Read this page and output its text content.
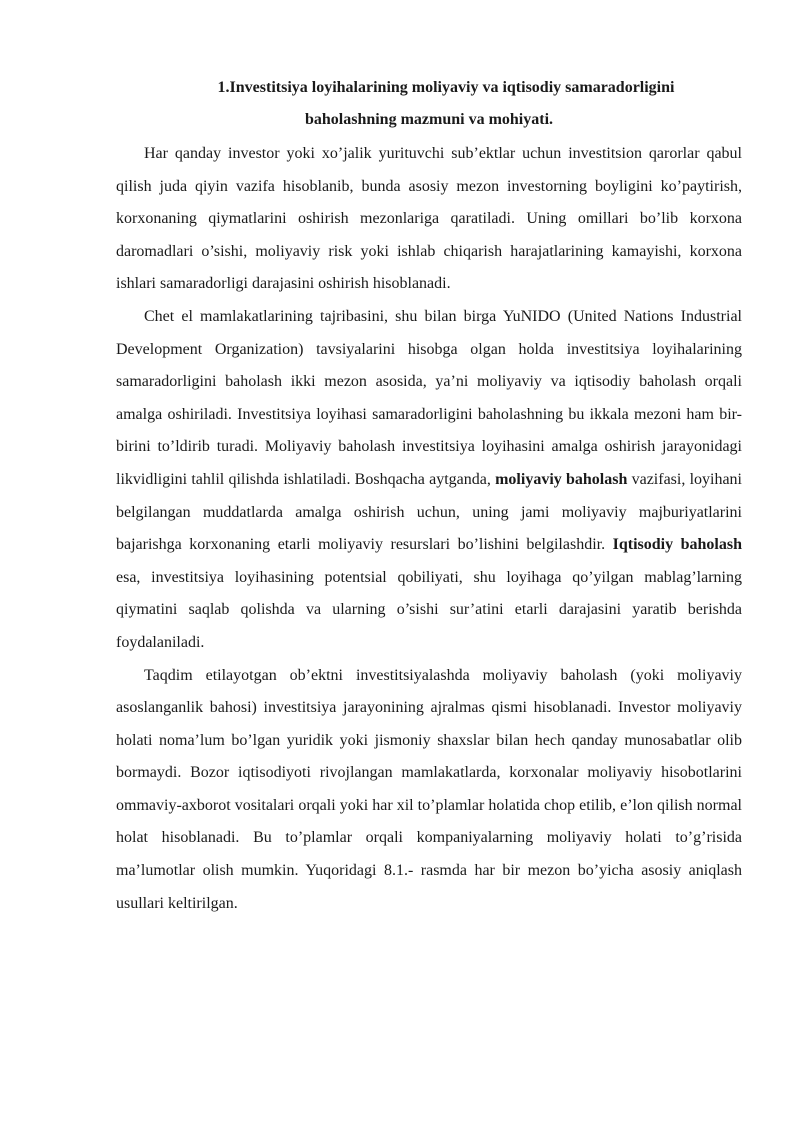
1.Investitsiya loyihalarining moliyaviy va iqtisodiy samaradorligini
baholashning mazmuni va mohiyati.

Har qanday investor yoki xo’jalik yurituvchi sub’ektlar uchun investitsion qarorlar qabul qilish juda qiyin vazifa hisoblanib, bunda asosiy mezon investorning boyligini ko’paytirish, korxonaning qiymatlarini oshirish mezonlariga qaratiladi. Uning omillari bo’lib korxona daromadlari o’sishi, moliyaviy risk yoki ishlab chiqarish harajatlarining kamayishi, korxona ishlari samaradorligi darajasini oshirish hisoblanadi.

Chet el mamlakatlarining tajribasini, shu bilan birga YuNIDO (United Nations Industrial Development Organization) tavsiyalarini hisobga olgan holda investitsiya loyihalarining samaradorligini baholash ikki mezon asosida, ya’ni moliyaviy va iqtisodiy baholash orqali amalga oshiriladi. Investitsiya loyihasi samaradorligini baholashning bu ikkala mezoni ham bir-birini to’ldirib turadi. Moliyaviy baholash investitsiya loyihasini amalga oshirish jarayonidagi likvidligini tahlil qilishda ishlatiladi. Boshqacha aytganda, moliyaviy baholash vazifasi, loyihani belgilangan muddatlarda amalga oshirish uchun, uning jami moliyaviy majburiyatlarini bajarishga korxonaning etarli moliyaviy resurslari bo’lishini belgilashdir. Iqtisodiy baholash esa, investitsiya loyihasining potentsial qobiliyati, shu loyihaga qo’yilgan mablag’larning qiymatini saqlab qolishda va ularning o’sishi sur’atini etarli darajasini yaratib berishda foydalaniladi.

Taqdim etilayotgan ob’ektni investitsiyalashda moliyaviy baholash (yoki moliyaviy asoslanganlik bahosi) investitsiya jarayonining ajralmas qismi hisoblanadi. Investor moliyaviy holati noma’lum bo’lgan yuridik yoki jismoniy shaxslar bilan hech qanday munosabatlar olib bormaydi. Bozor iqtisodiyoti rivojlangan mamlakatlarda, korxonalar moliyaviy hisobotlarini ommaviy-axborot vositalari orqali yoki har xil to’plamlar holatida chop etilib, e’lon qilish normal holat hisoblanadi. Bu to’plamlar orqali kompaniyalarning moliyaviy holati to’g’risida ma’lumotlar olish mumkin. Yuqoridagi 8.1.- rasmda har bir mezon bo’yicha asosiy aniqlash usullari keltirilgan.
